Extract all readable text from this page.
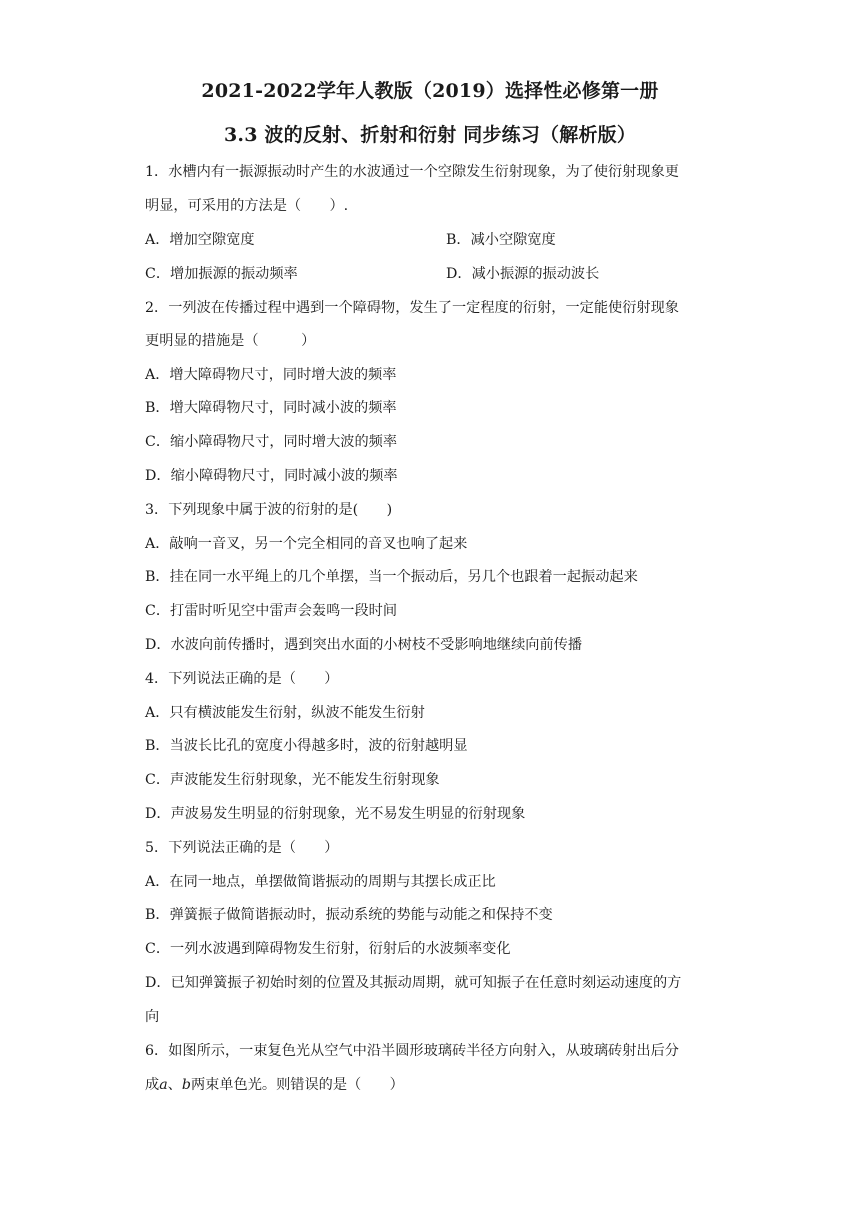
2021-2022学年人教版（2019）选择性必修第一册
3.3 波的反射、折射和衍射 同步练习（解析版）
1．水槽内有一振源振动时产生的水波通过一个空隙发生衍射现象，为了使衍射现象更
明显，可采用的方法是（　　）.
A．增加空隙宽度	B．减小空隙宽度
C．增加振源的振动频率	D．减小振源的振动波长
2．一列波在传播过程中遇到一个障碍物，发生了一定程度的衍射，一定能使衍射现象
更明显的措施是（　　　）
A．增大障碍物尺寸，同时增大波的频率
B．增大障碍物尺寸，同时减小波的频率
C．缩小障碍物尺寸，同时增大波的频率
D．缩小障碍物尺寸，同时减小波的频率
3．下列现象中属于波的衍射的是(　　)
A．敲响一音叉，另一个完全相同的音叉也响了起来
B．挂在同一水平绳上的几个单摆，当一个振动后，另几个也跟着一起振动起来
C．打雷时听见空中雷声会轰鸣一段时间
D．水波向前传播时，遇到突出水面的小树枝不受影响地继续向前传播
4．下列说法正确的是（　　）
A．只有横波能发生衍射，纵波不能发生衍射
B．当波长比孔的宽度小得越多时，波的衍射越明显
C．声波能发生衍射现象，光不能发生衍射现象
D．声波易发生明显的衍射现象，光不易发生明显的衍射现象
5．下列说法正确的是（　　）
A．在同一地点，单摆做简谐振动的周期与其摆长成正比
B．弹簧振子做简谐振动时，振动系统的势能与动能之和保持不变
C．一列水波遇到障碍物发生衍射，衍射后的水波频率变化
D．已知弹簧振子初始时刻的位置及其振动周期，就可知振子在任意时刻运动速度的方
向
6．如图所示，一束复色光从空气中沿半圆形玻璃砖半径方向射入，从玻璃砖射出后分
成a、b两束单色光。则错误的是（　　）
